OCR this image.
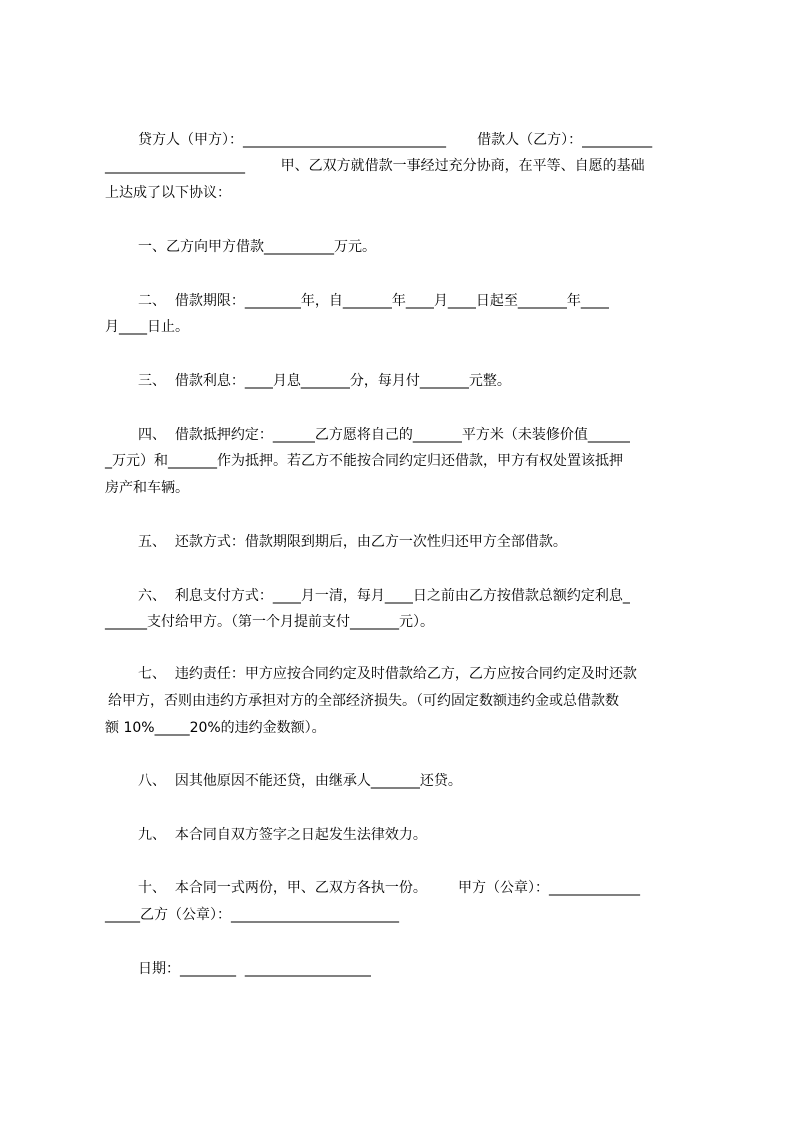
贷方人（甲方）：_____________________________       借款人（乙方）：__________
____________________        甲、乙双方就借款一事经过充分协商，在平等、自愿的基础
上达成了以下协议：
一、乙方向甲方借款__________万元。
二、  借款期限：________年，自_______年____月____日起至_______年____
月____日止。
三、  借款利息：____月息_______分，每月付_______元整。
四、  借款抵押约定：______乙方愿将自己的_______平方米（未装修价值______
_万元）和_______作为抵押。若乙方不能按合同约定归还借款，甲方有权处置该抵押
房产和车辆。
五、  还款方式：借款期限到期后，由乙方一次性归还甲方全部借款。
六、  利息支付方式：____月一清，每月____日之前由乙方按借款总额约定利息_
______支付给甲方。（第一个月提前支付_______元）。
七、  违约责任：甲方应按合同约定及时借款给乙方，乙方应按合同约定及时还款
给甲方，否则由违约方承担对方的全部经济损失。（可约固定数额违约金或总借款数
额 10%_____20%的违约金数额）。
八、  因其他原因不能还贷，由继承人_______还贷。
九、  本合同自双方签字之日起发生法律效力。
十、  本合同一式两份，甲、乙双方各执一份。       甲方（公章）：_____________
_____乙方（公章）：________________________
日期：________  __________________
